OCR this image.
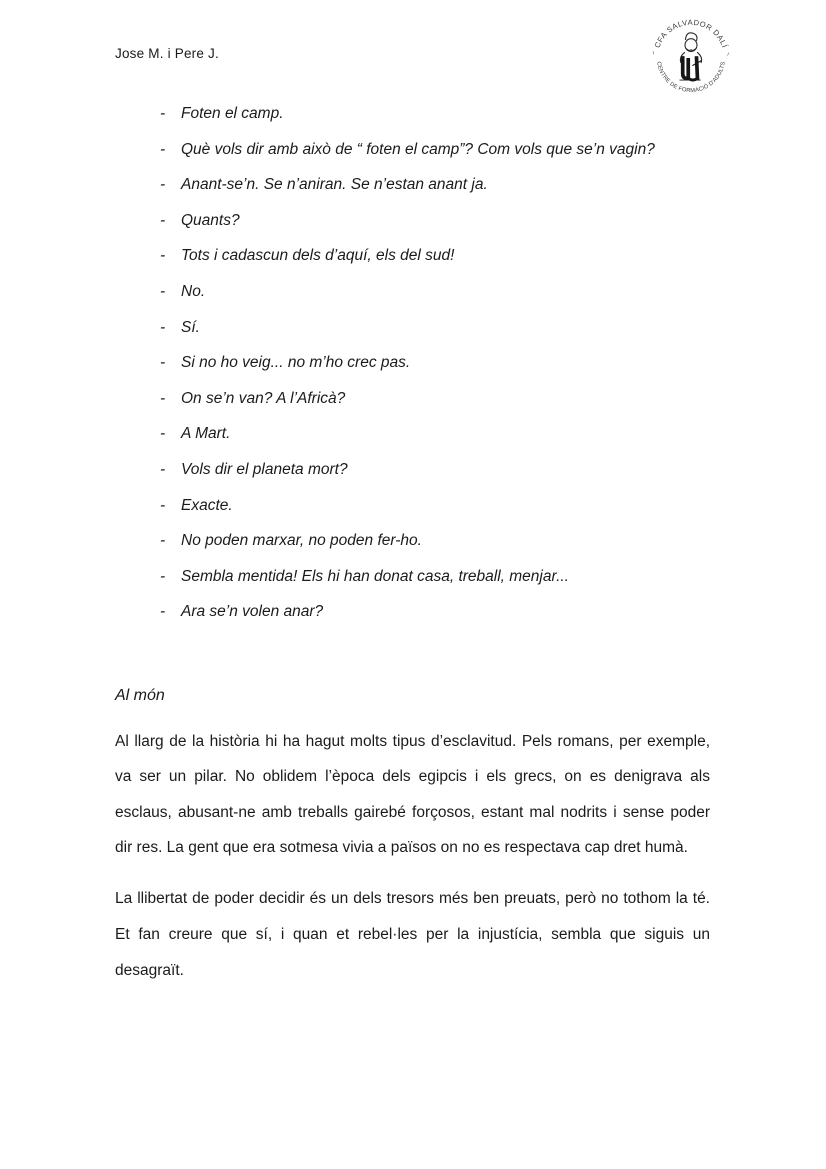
Jose M. i Pere J.
CFA SALVADOR DALÍ
CENTRE DE FORMACIÓ D'ADULTS
~	~
-	Foten el camp.
-	Què vols dir amb això de “ foten el camp”? Com vols que se’n vagin?
-	Anant-se’n. Se n’aniran. Se n’estan anant ja.
-	Quants?
-	Tots i cadascun dels d’aquí, els del sud!
-	No.
-	Sí.
-	Si no ho veig... no m’ho crec pas.
-	On se’n van? A l’Africà?
-	A Mart.
-	Vols dir el planeta mort?
-	Exacte.
-	No poden marxar, no poden fer-ho.
-	Sembla mentida! Els hi han donat casa, treball, menjar...
-	Ara se’n volen anar?
Al món

Al llarg de la història hi ha hagut molts tipus d’esclavitud. Pels romans, per exemple, va ser un pilar. No oblidem l’època dels egipcis i els grecs, on es denigrava als esclaus, abusant-ne amb treballs gairebé forçosos, estant mal nodrits i sense poder dir res. La gent que era sotmesa vivia a països on no es respectava cap dret humà.

La llibertat de poder decidir és un dels tresors més ben preuats, però no tothom la té. Et fan creure que sí, i quan et rebel·les per la injustícia, sembla que siguis un desagraït.
